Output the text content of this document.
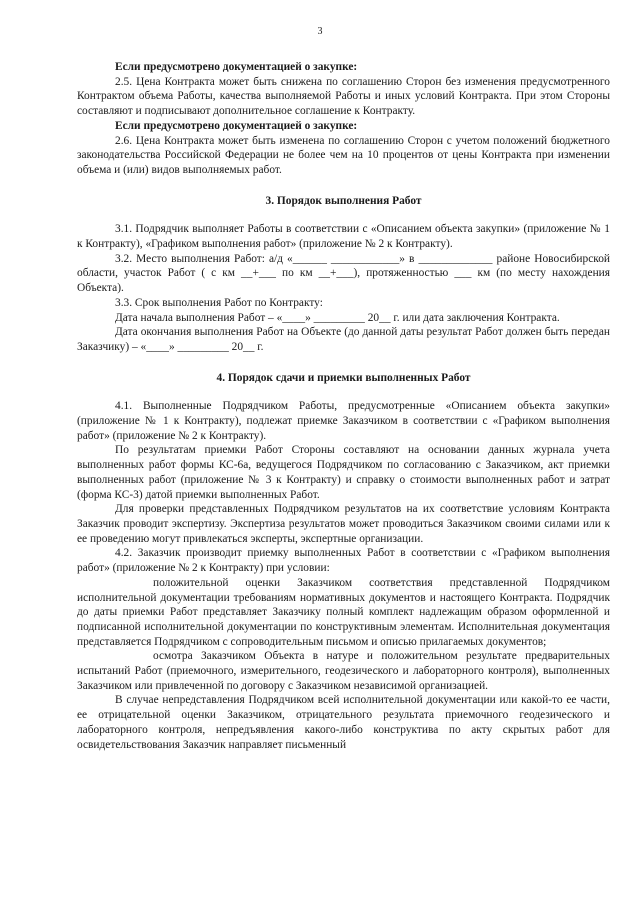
3

Если предусмотрено документацией о закупке:

2.5. Цена Контракта может быть снижена по соглашению Сторон без изменения предусмотренного Контрактом объема Работы, качества выполняемой Работы и иных условий Контракта. При этом Стороны составляют и подписывают дополнительное соглашение к Контракту.

Если предусмотрено документацией о закупке:

2.6. Цена Контракта может быть изменена по соглашению Сторон с учетом положений бюджетного законодательства Российской Федерации не более чем на 10 процентов от цены Контракта при изменении объема и (или) видов выполняемых работ.

3. Порядок выполнения Работ

3.1. Подрядчик выполняет Работы в соответствии с «Описанием объекта закупки» (приложение № 1 к Контракту), «Графиком выполнения работ» (приложение № 2 к Контракту).

3.2. Место выполнения Работ: а/д «______ ____________» в _____________ районе Новосибирской области, участок Работ ( с км __+___ по км __+___), протяженностью ___ км (по месту нахождения Объекта).

3.3. Срок выполнения Работ по Контракту:

Дата начала выполнения Работ – «____» _________ 20__ г. или дата заключения Контракта.

Дата окончания выполнения Работ на Объекте (до данной даты результат Работ должен быть передан Заказчику) – «____» _________ 20__ г.

4. Порядок сдачи и приемки выполненных Работ

4.1. Выполненные Подрядчиком Работы, предусмотренные «Описанием объекта закупки» (приложение № 1 к Контракту), подлежат приемке Заказчиком в соответствии с «Графиком выполнения работ» (приложение № 2 к Контракту).

По результатам приемки Работ Стороны составляют на основании данных журнала учета выполненных работ формы КС-6а, ведущегося Подрядчиком по согласованию с Заказчиком, акт приемки выполненных работ (приложение № 3 к Контракту) и справку о стоимости выполненных работ и затрат (форма КС-3) датой приемки выполненных Работ.

Для проверки представленных Подрядчиком результатов на их соответствие условиям Контракта Заказчик проводит экспертизу. Экспертиза результатов может проводиться Заказчиком своими силами или к ее проведению могут привлекаться эксперты, экспертные организации.

4.2. Заказчик производит приемку выполненных Работ в соответствии с «Графиком выполнения работ» (приложение № 2 к Контракту) при условии:

положительной оценки Заказчиком соответствия представленной Подрядчиком исполнительной документации требованиям нормативных документов и настоящего Контракта. Подрядчик до даты приемки Работ представляет Заказчику полный комплект надлежащим образом оформленной и подписанной исполнительной документации по конструктивным элементам. Исполнительная документация представляется Подрядчиком с сопроводительным письмом и описью прилагаемых документов;

осмотра Заказчиком Объекта в натуре и положительном результате предварительных испытаний Работ (приемочного, измерительного, геодезического и лабораторного контроля), выполненных Заказчиком или привлеченной по договору с Заказчиком независимой организацией.

В случае непредставления Подрядчиком всей исполнительной документации или какой-то ее части, ее отрицательной оценки Заказчиком, отрицательного результата приемочного геодезического и лабораторного контроля, непредъявления какого-либо конструктива по акту скрытых работ для освидетельствования Заказчик направляет письменный
